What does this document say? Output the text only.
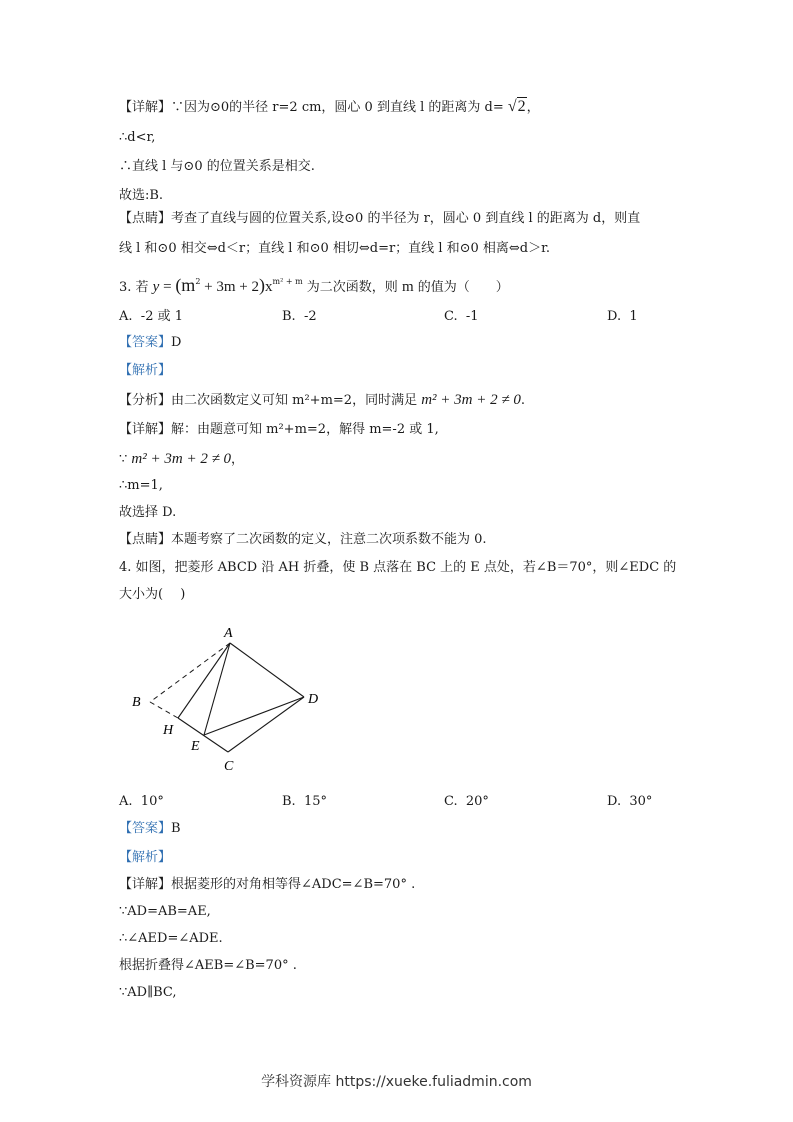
【详解】∵因为⊙0的半径 r=2 cm，圆心 0 到直线 l 的距离为 d= √2，
∴d<r,
∴直线 l 与⊙0 的位置关系是相交.
故选:B.
【点睛】考查了直线与圆的位置关系,设⊙0 的半径为 r，圆心 0 到直线 l 的距离为 d，则直
线 l 和⊙0 相交⇔d＜r；直线 l 和⊙0 相切⇔d=r；直线 l 和⊙0 相离⇔d＞r.
3. 若 $y = (m^2 + 3m + 2)x^{m^2 + m}$ 为二次函数，则 m 的值为（　　）
A. -2 或 1	B. -2	C. -1	D. 1
【答案】D
【解析】
【分析】由二次函数定义可知 m²+m=2，同时满足 m² + 3m + 2 ≠ 0.
【详解】解：由题意可知 m²+m=2，解得 m=-2 或 1,
∵ m² + 3m + 2 ≠ 0，
∴m=1,
故选择 D.
【点睛】本题考察了二次函数的定义，注意二次项系数不能为 0.
4. 如图，把菱形 ABCD 沿 AH 折叠，使 B 点落在 BC 上的 E 点处，若∠B＝70°，则∠EDC 的
大小为(　 )
A
B	D
H
E
C
A. 10°	B. 15°	C. 20°	D. 30°
【答案】B
【解析】
【详解】根据菱形的对角相等得∠ADC=∠B=70° .
∵AD=AB=AE,
∴∠AED=∠ADE.
根据折叠得∠AEB=∠B=70° .
∵AD∥BC,
学科资源库 https://xueke.fuliadmin.com
